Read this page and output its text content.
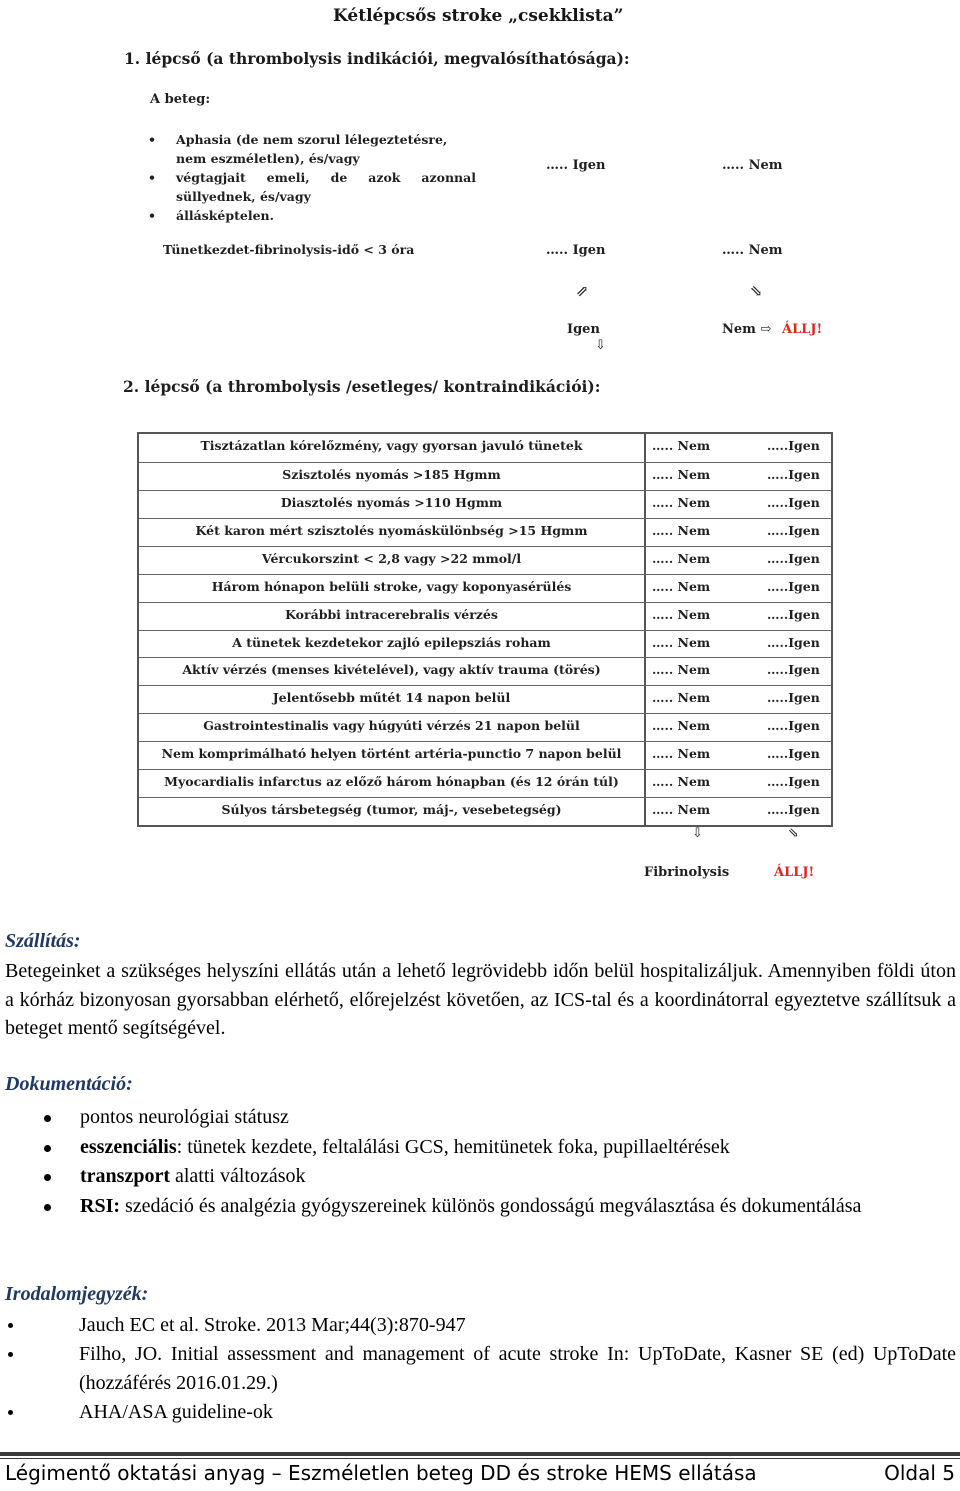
Kétlépcsős stroke „csekklista”
1. lépcső (a thrombolysis indikációi, megvalósíthatósága):
A beteg:
• Aphasia (de nem szorul lélegeztetésre,
nem eszméletlen), és/vagy
• végtagjait emeli, de azok azonnal
süllyednek, és/vagy
• állásképtelen.
….. Igen	….. Nem
Tünetkezdet-fibrinolysis-idő < 3 óra	….. Igen	….. Nem
⇗	⇘
Igen
⇩
Nem ⇨ ÁLLJ!
2. lépcső (a thrombolysis /esetleges/ kontraindikációi):
Tisztázatlan kórelőzmény, vagy gyorsan javuló tünetek	….. Nem	…..Igen
Szisztolés nyomás >185 Hgmm	….. Nem	…..Igen
Diasztolés nyomás >110 Hgmm	….. Nem	…..Igen
Két karon mért szisztolés nyomáskülönbség >15 Hgmm	….. Nem	…..Igen
Vércukorszint < 2,8 vagy >22 mmol/l	….. Nem	…..Igen
Három hónapon belüli stroke, vagy koponyasérülés	….. Nem	…..Igen
Korábbi intracerebralis vérzés	….. Nem	…..Igen
A tünetek kezdetekor zajló epilepsziás roham	….. Nem	…..Igen
Aktív vérzés (menses kivételével), vagy aktív trauma (törés)	….. Nem	…..Igen
Jelentősebb műtét 14 napon belül	….. Nem	…..Igen
Gastrointestinalis vagy húgyúti vérzés 21 napon belül	….. Nem	…..Igen
Nem komprimálható helyen történt artéria-punctio 7 napon belül	….. Nem	…..Igen
Myocardialis infarctus az előző három hónapban (és 12 órán túl)	….. Nem	…..Igen
Súlyos társbetegség (tumor, máj-, vesebetegség)	….. Nem	…..Igen
⇩	⇘
Fibrinolysis	ÁLLJ!
Szállítás:
Betegeinket a szükséges helyszíni ellátás után a lehető legrövidebb időn belül hospitalizáljuk. Amennyiben földi úton a kórház bizonyosan gyorsabban elérhető, előrejelzést követően, az ICS-tal és a koordinátorral egyeztetve szállítsuk a beteget mentő segítségével.
Dokumentáció:
pontos neurológiai státusz
esszenciális: tünetek kezdete, feltalálási GCS, hemitünetek foka, pupillaeltérések
transzport alatti változások
RSI: szedáció és analgézia gyógyszereinek különös gondosságú megválasztása és dokumentálása
Irodalomjegyzék:
Jauch EC et al. Stroke. 2013 Mar;44(3):870-947
Filho, JO. Initial assessment and management of acute stroke In: UpToDate, Kasner SE (ed) UpToDate (hozzáférés 2016.01.29.)
AHA/ASA guideline-ok
Légimentő oktatási anyag – Eszméletlen beteg DD és stroke HEMS ellátása	Oldal 5
